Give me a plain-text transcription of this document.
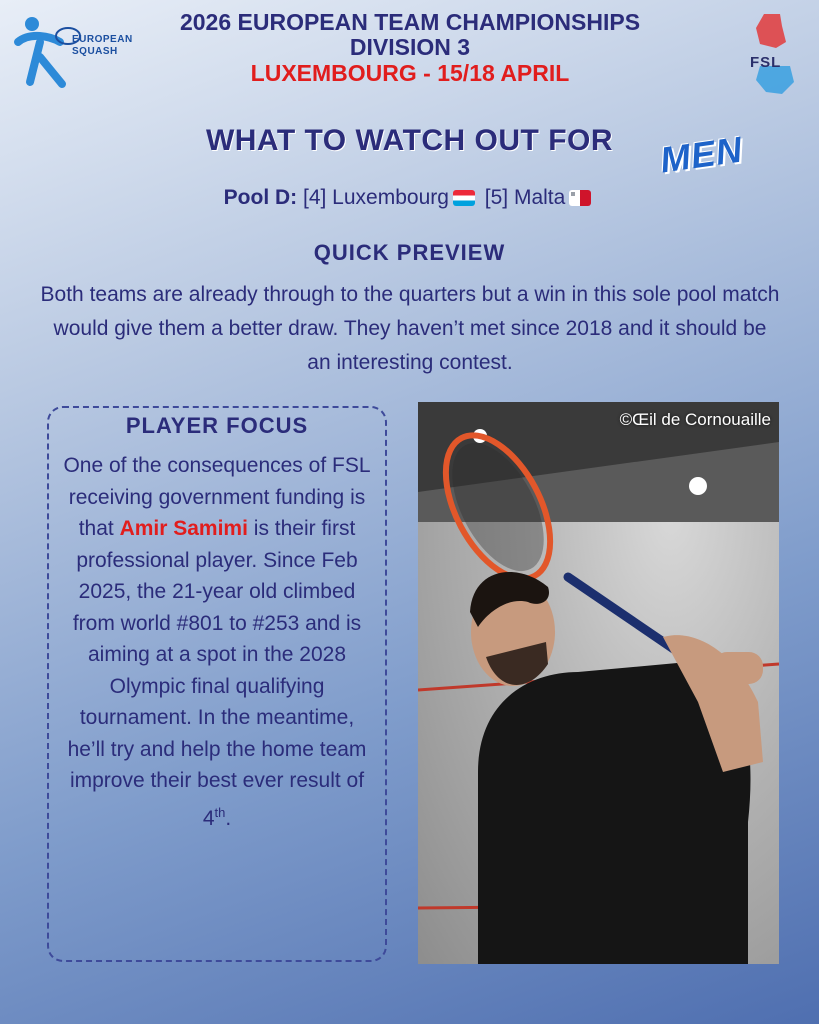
EUROPEAN SQUASH
FSL
2026 EUROPEAN TEAM CHAMPIONSHIPS
DIVISION 3
LUXEMBOURG - 15/18 APRIL
WHAT TO WATCH OUT FOR	MEN
Pool D: [4] Luxembourg [5] Malta
QUICK PREVIEW
Both teams are already through to the quarters but a win in this sole pool match would give them a better draw. They haven’t met since 2018 and it should be an interesting contest.
PLAYER FOCUS
One of the consequences of FSL receiving government funding is that Amir Samimi is their first professional player. Since Feb 2025, the 21-year old climbed from world #801 to #253 and is aiming at a spot in the 2028 Olympic final qualifying tournament. In the meantime, he’ll try and help the home team improve their best ever result of 4th.
©Œil de Cornouaille
